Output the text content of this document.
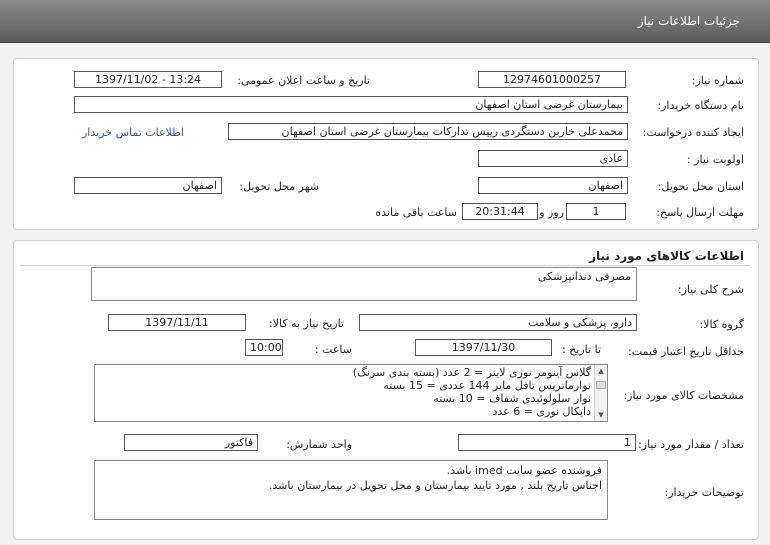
جزئیات اطلاعات نیاز
شماره نیاز:
12974601000257
تاریخ و ساعت اعلان عمومی:
1397/11/02 - 13:24
نام دستگاه خریدار:
بیمارستان غرضی استان اصفهان
ایجاد کننده درخواست:
محمدعلی خاربن دستگردی رییس تدارکات بیمارستان غرضی استان اصفهان
اطلاعات تماس خریدار
اولویت نیاز :
عادی
استان محل تحویل:
اصفهان
شهر محل تحویل:
اصفهان
مهلت ارسال پاسخ:
1
روز و
20:31:44
ساعت باقی مانده
اطلاعات کالاهای مورد نیاز
شرح کلی نیاز:
مصرفی دندانپزشکی
گروه کالا:
دارو، پزشکی و سلامت
تاریخ نیاز به کالا:
1397/11/11
حداقل تاریخ اعتبار قیمت:
تا تاریخ :
1397/11/30
ساعت :
10:00
مشخصات کالای مورد نیاز:
گلاس آینومر نوری لاینر = 2 عدد (بسته بندی سرنگ)
نوارماتریس تافل مایر 144 عددی = 15 بسته
نوار سلولوئیدی شفاف = 10 بسته
دایکال نوری = 6 عدد
▲
▼
تعداد / مقدار مورد نیاز:
1
واحد شمارش:
فاکتور
توضیحات خریدار:
فروشنده عضو سایت imed باشد.
اجناس تاریخ بلند , مورد تایید بیمارستان و محل تحویل در بیمارستان باشد.
